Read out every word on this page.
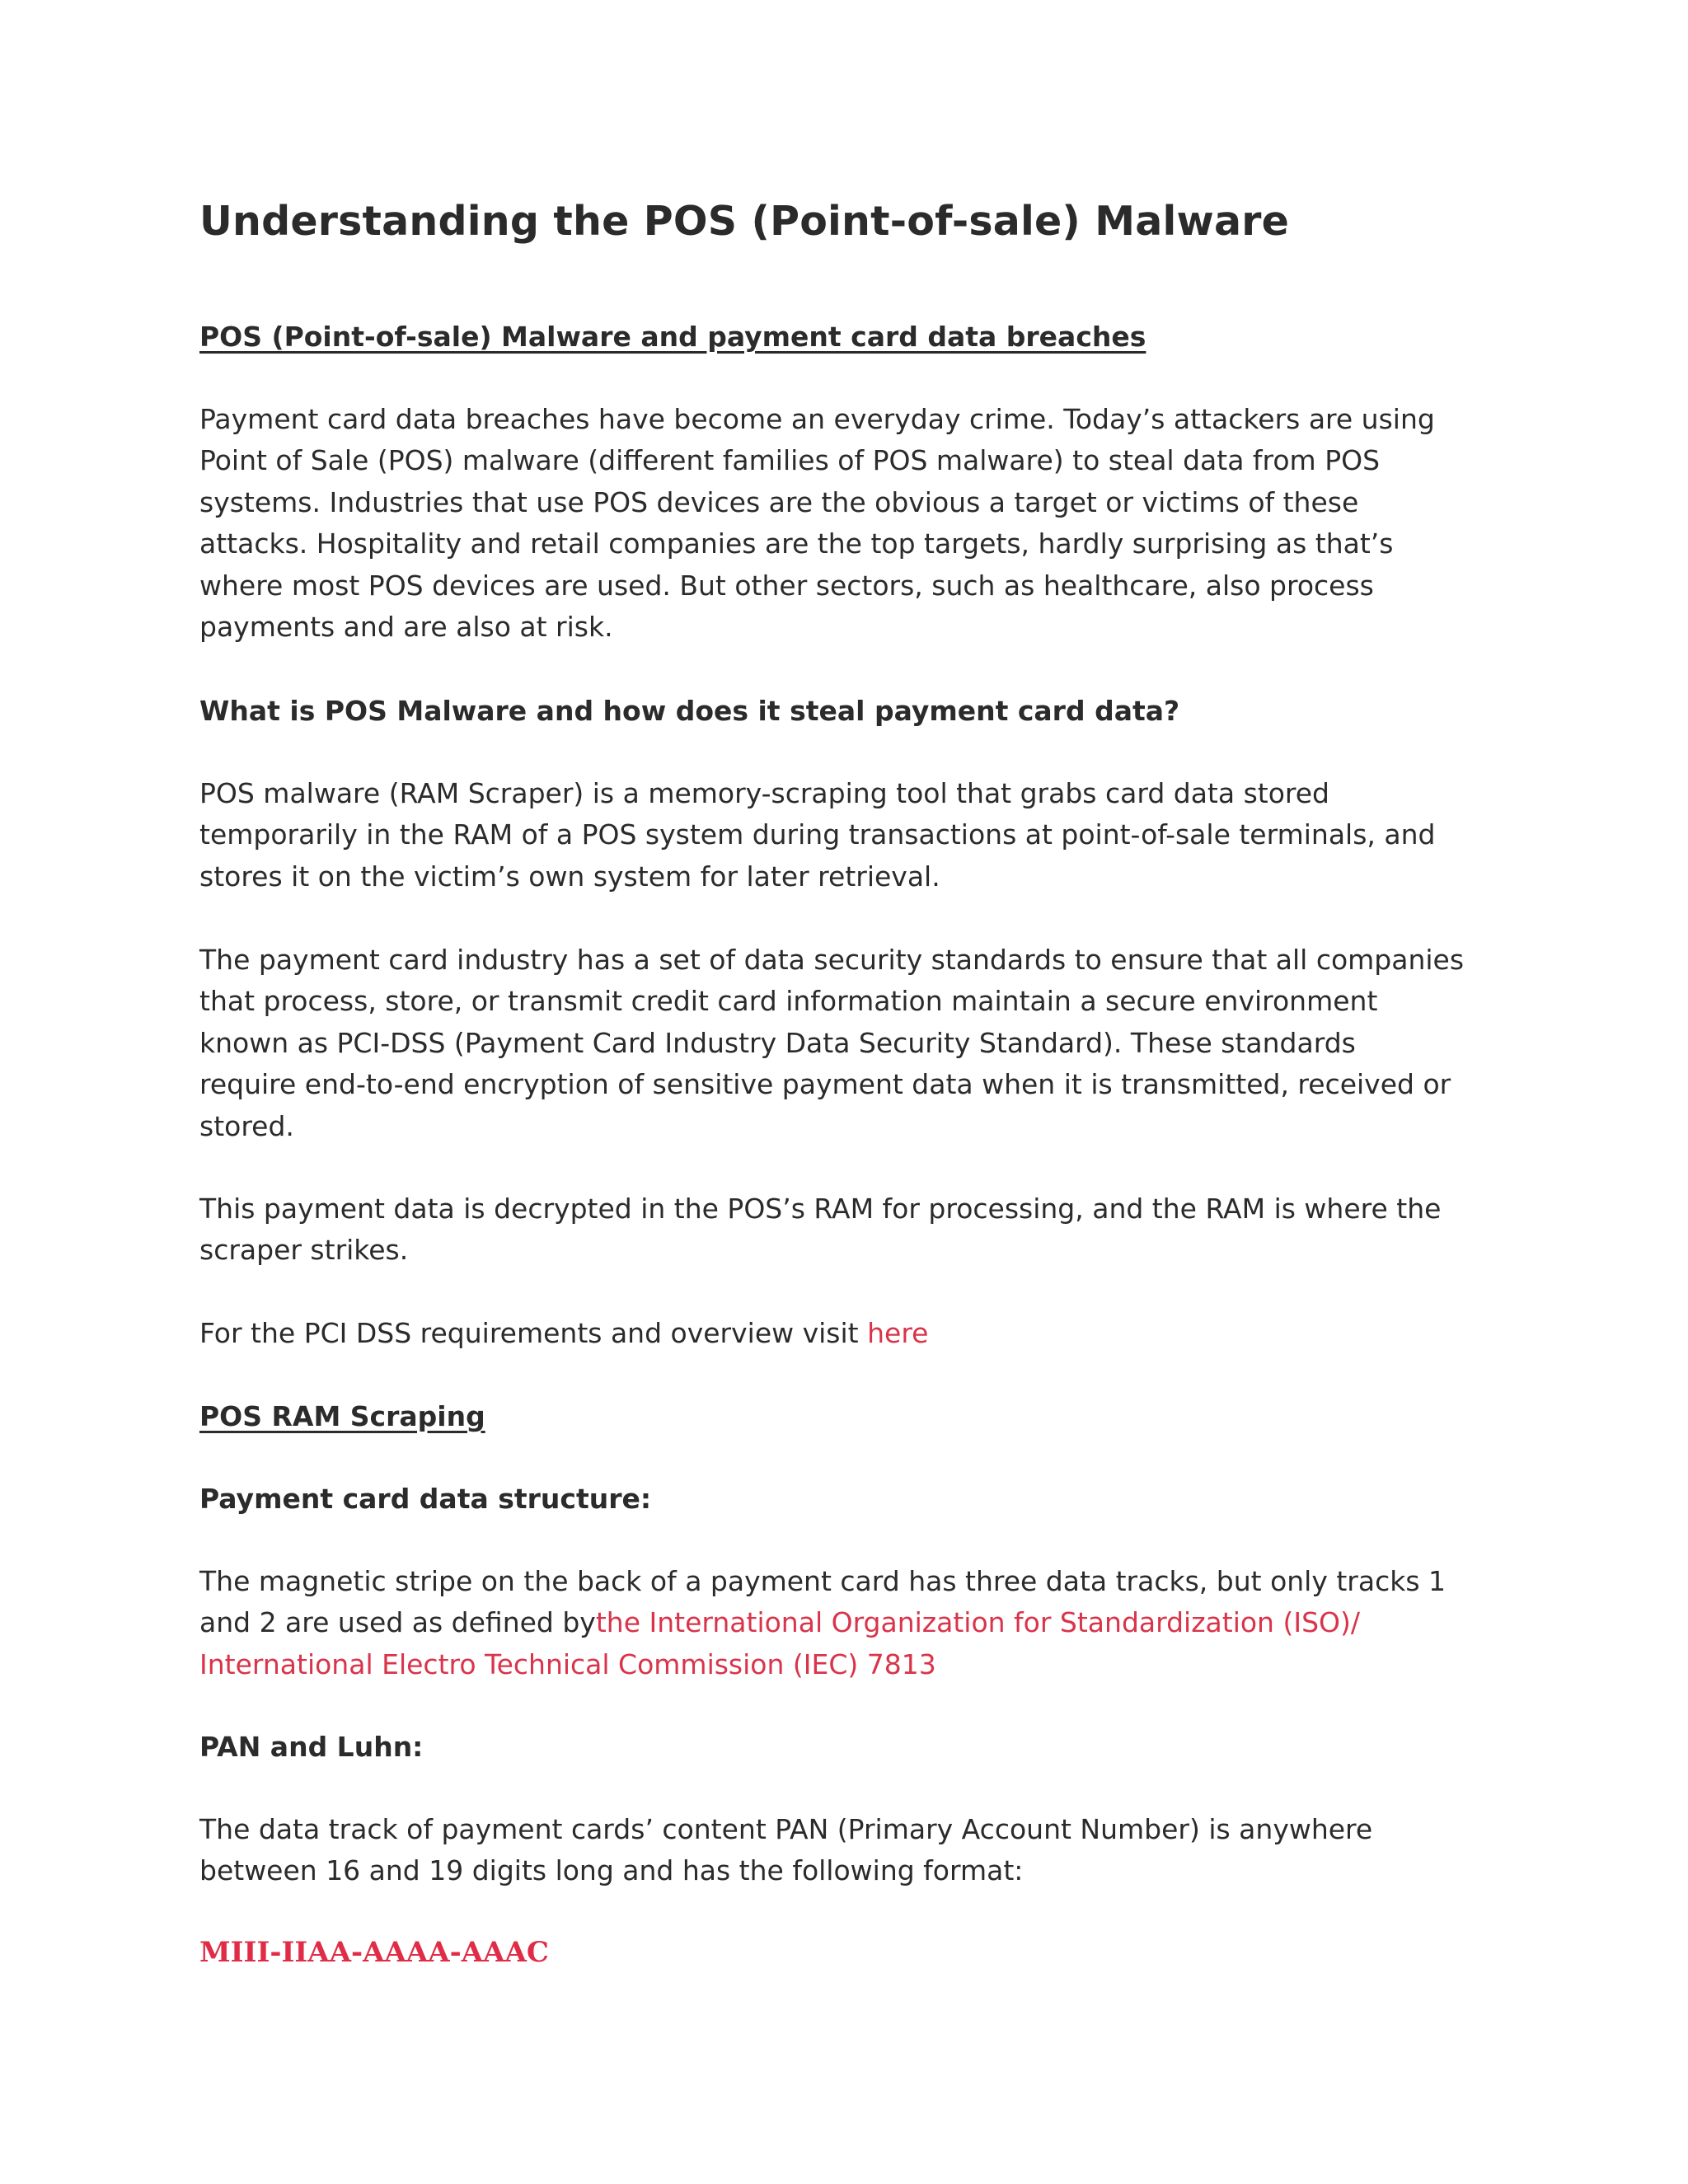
Understanding the POS (Point-of-sale) Malware
POS (Point-of-sale) Malware and payment card data breaches
Payment card data breaches have become an everyday crime. Today’s attackers are using
Point of Sale (POS) malware (different families of POS malware) to steal data from POS
systems. Industries that use POS devices are the obvious a target or victims of these
attacks. Hospitality and retail companies are the top targets, hardly surprising as that’s
where most POS devices are used. But other sectors, such as healthcare, also process
payments and are also at risk.
What is POS Malware and how does it steal payment card data?
POS malware (RAM Scraper) is a memory-scraping tool that grabs card data stored
temporarily in the RAM of a POS system during transactions at point-of-sale terminals, and
stores it on the victim’s own system for later retrieval.
The payment card industry has a set of data security standards to ensure that all companies
that process, store, or transmit credit card information maintain a secure environment
known as PCI-DSS (Payment Card Industry Data Security Standard). These standards
require end-to-end encryption of sensitive payment data when it is transmitted, received or
stored.
This payment data is decrypted in the POS’s RAM for processing, and the RAM is where the
scraper strikes.
For the PCI DSS requirements and overview visit here
POS RAM Scraping
Payment card data structure:
The magnetic stripe on the back of a payment card has three data tracks, but only tracks 1
and 2 are used as defined bythe International Organization for Standardization (ISO)/
International Electro Technical Commission (IEC) 7813
PAN and Luhn:
The data track of payment cards’ content PAN (Primary Account Number) is anywhere
between 16 and 19 digits long and has the following format:
MIII-IIAA-AAAA-AAAC
